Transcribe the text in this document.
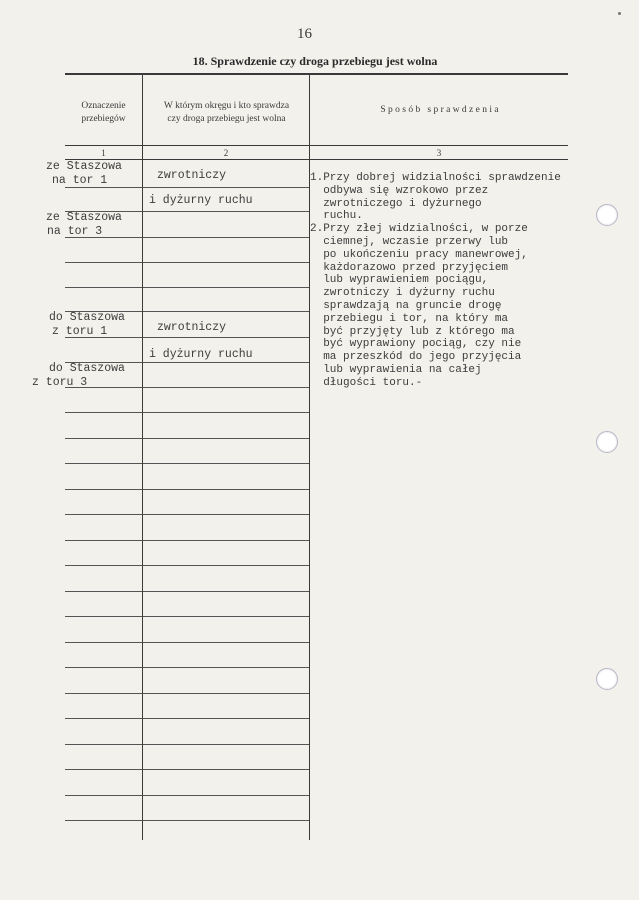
16
18. Sprawdzenie czy droga przebiegu jest wolna
Oznaczenie
przebiegów
W którym okręgu i kto sprawdza
czy droga przebiegu jest wolna
S p o s ó b   s p r a w d z e n i a
1	2	3
ze Staszowa
na tor 1
ze Staszowa
na tor 3
do Staszowa
z toru 1
do Staszowa
z toru 3
zwrotniczy
i dyżurny ruchu
zwrotniczy
i dyżurny ruchu
1.Przy dobrej widzialności sprawdzenie
odbywa się wzrokowo przez
zwrotniczego i dyżurnego
ruchu.
2.Przy złej widzialności, w porze
ciemnej, wczasie przerwy lub
po ukończeniu pracy manewrowej,
każdorazowo przed przyjęciem
lub wyprawieniem pociągu,
zwrotniczy i dyżurny ruchu
sprawdzają na gruncie drogę
przebiegu i tor, na który ma
być przyjęty lub z którego ma
być wyprawiony pociąg, czy nie
ma przeszkód do jego przyjęcia
lub wyprawienia na całej
długości toru.-
